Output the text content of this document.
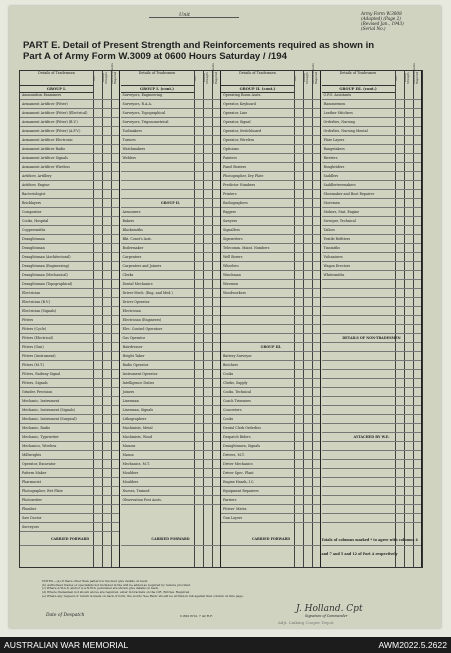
Unit	Army Form W.3008
(Adapted) (Page 2)
(Revised Jan., 1943)
(Serial No.)
PART E. Detail of Present Strength and Reinforcements required as shown in
Part A of Army Form W.3009 at 0600 Hours Saturday / /194
Details of Tradesmen
W.E.	Posted Strength	Reinforcements Required
GROUP I.
Ammunition Examiners
Armament Artificer (Fitter)
Armament Artificer (Fitter) (Electrical)
Armament Artificer (Fitter) (B.V.)
Armament Artificer (Fitter) (A.F.V.)
Armament Artificer Electronic
Armament Artificer Radio
Armament Artificer Signals
Armament Artificer Wireless
Artificer, Artillery
Artificer, Engine
Bacteriologist
Bricklayers
Compositor
Cooks, Hospital
Coppersmiths
Draughtsman
Draughtsman
Draughtsman (Architectural)
Draughtsman (Engineering)
Draughtsman (Mechanical)
Draughtsman (Topographical)
Electrician
Electrician (B.V.)
Electrician (Signals)
Fitters
Fitters (Cycle)
Fitters (Electrical)
Fitters (Gun)
Fitters (Instrument)
Fitters (M.T.)
Fitters, Railway Signal
Fitters, Signals
Grinder, Precision
Mechanic, Instrument
Mechanic, Instrument (Signals)
Mechanic, Instrument (Surgical)
Mechanic, Radio
Mechanic, Typewriter
Mechanics, Wireless
Millwrights
Operator, Excavator
Pattern Maker
Pharmacist
Photographer, Wet Plate
Photowriter
Plumber
Saw Doctor
Surveyors
CARRIED FORWARD
Details of Tradesmen
W.E.	Posted Strength	Reinforcements Required
GROUP I. (cont.)
Surveyors, Engineering
Surveyors, R.A.A.
Surveyors, Topographical
Surveyors, Trigonometrical
Toolmakers
Turners
Watchmakers
Welders
GROUP II.
Armourers
Bakers
Blacksmiths
Bkt. Const's Asst.
Boilermaker
Carpenters
Carpenters and Joiners
Clerks
Dental Mechanics
Driver Mech. (Eng. and Med.)
Driver Operator
Electrician
Electrician (Engineers)
Elec. Control Operators
Gas Operator
Hairdresser
Height Taker
Radio Operator
Instrument Operator
Intelligence Duties
Joiners
Linesman
Linesman, Signals
Lithographers
Machinists, Metal
Machinists, Wood
Masons
Mason
Mechanics, M.T.
Moulders
Moulders
Nurses, Trained
Observation Post Assts.
CARRIED FORWARD
Details of Tradesmen
W.E.	Posted Strength	Reinforcements Required
GROUP II. (cont.)
Operating Room Assts.
Operator, Keyboard
Operator, Line
Operator, Signal
Operator, Switchboard
Operator, Wireless
Opticians
Painters
Panel Beaters
Photographer, Dry Plate
Predictor Numbers
Printers
Radiographers
Riggers
Sawyers
Signallers
Signwriters
Telecomm. Maint. Numbers
Well Borers
Wheelers
Winchman
Wiremen
Woodworkers
GROUP III.
Battery Surveyor
Butchers
Cooks
Clerks, Supply
Cooks, Technical
Coach Trimmers
Concreters
Cooks
Dental Clerk Orderlies
Despatch Riders
Draughtsmen, Signals
Drivers, M.T.
Driver Mechanics
Driver Spec. Plant
Engine Hands, I.C.
Equipment Repairers
Farriers
Fitters' Mates
Gun Layers
CARRIED FORWARD
Details of Tradesmen
W.E.	Posted Strength	Reinforcements Required
GROUP III. (cont.)
G.P.O. Assistants
Hammermen
Leather Stitchers
Orderlies, Nursing
Orderlies, Nursing Mental
Plate Layers
Rangetakers
Riveters
Roughriders
Saddlers
Saddlertreemakers
Shoemaker and Boot Repairer
Storemen
Stokers, Stat. Engine
Sweeper, Technical
Tailors
Textile Refitters
Tinsmiths
Vulcanisers
Wagon Erectors
Whitesmiths
DETAILS OF NON-TRADESMEN
ATTACHED BY W.E.
Totals of columns marked * to agree with columns 4 and 7 and 5 and 12 of Part A respectively
NOTES.—(a) If there other than pattern is involved give details on back.
(b) Authorised trades or specialists not included in the will be added as required by remote provided.
(c) Where A.W.A.S. and/or A.A.N.W.S. personnel are shown give details on back.
(d) Where tradesmen not shown above are required, enter in brackets on the O.R. Entries. Required.
(e) Where any request or return is made on back of form, the words 'See Back' should be written in ink against that column on this page.
Date of Despatch	C.800 Prtd. 7 42 R.F.
J. Holland. Cpt
Signature of Commander
Adjt. Linking Cooper Depot
AUSTRALIAN WAR MEMORIAL	AWM2022.5.2622
